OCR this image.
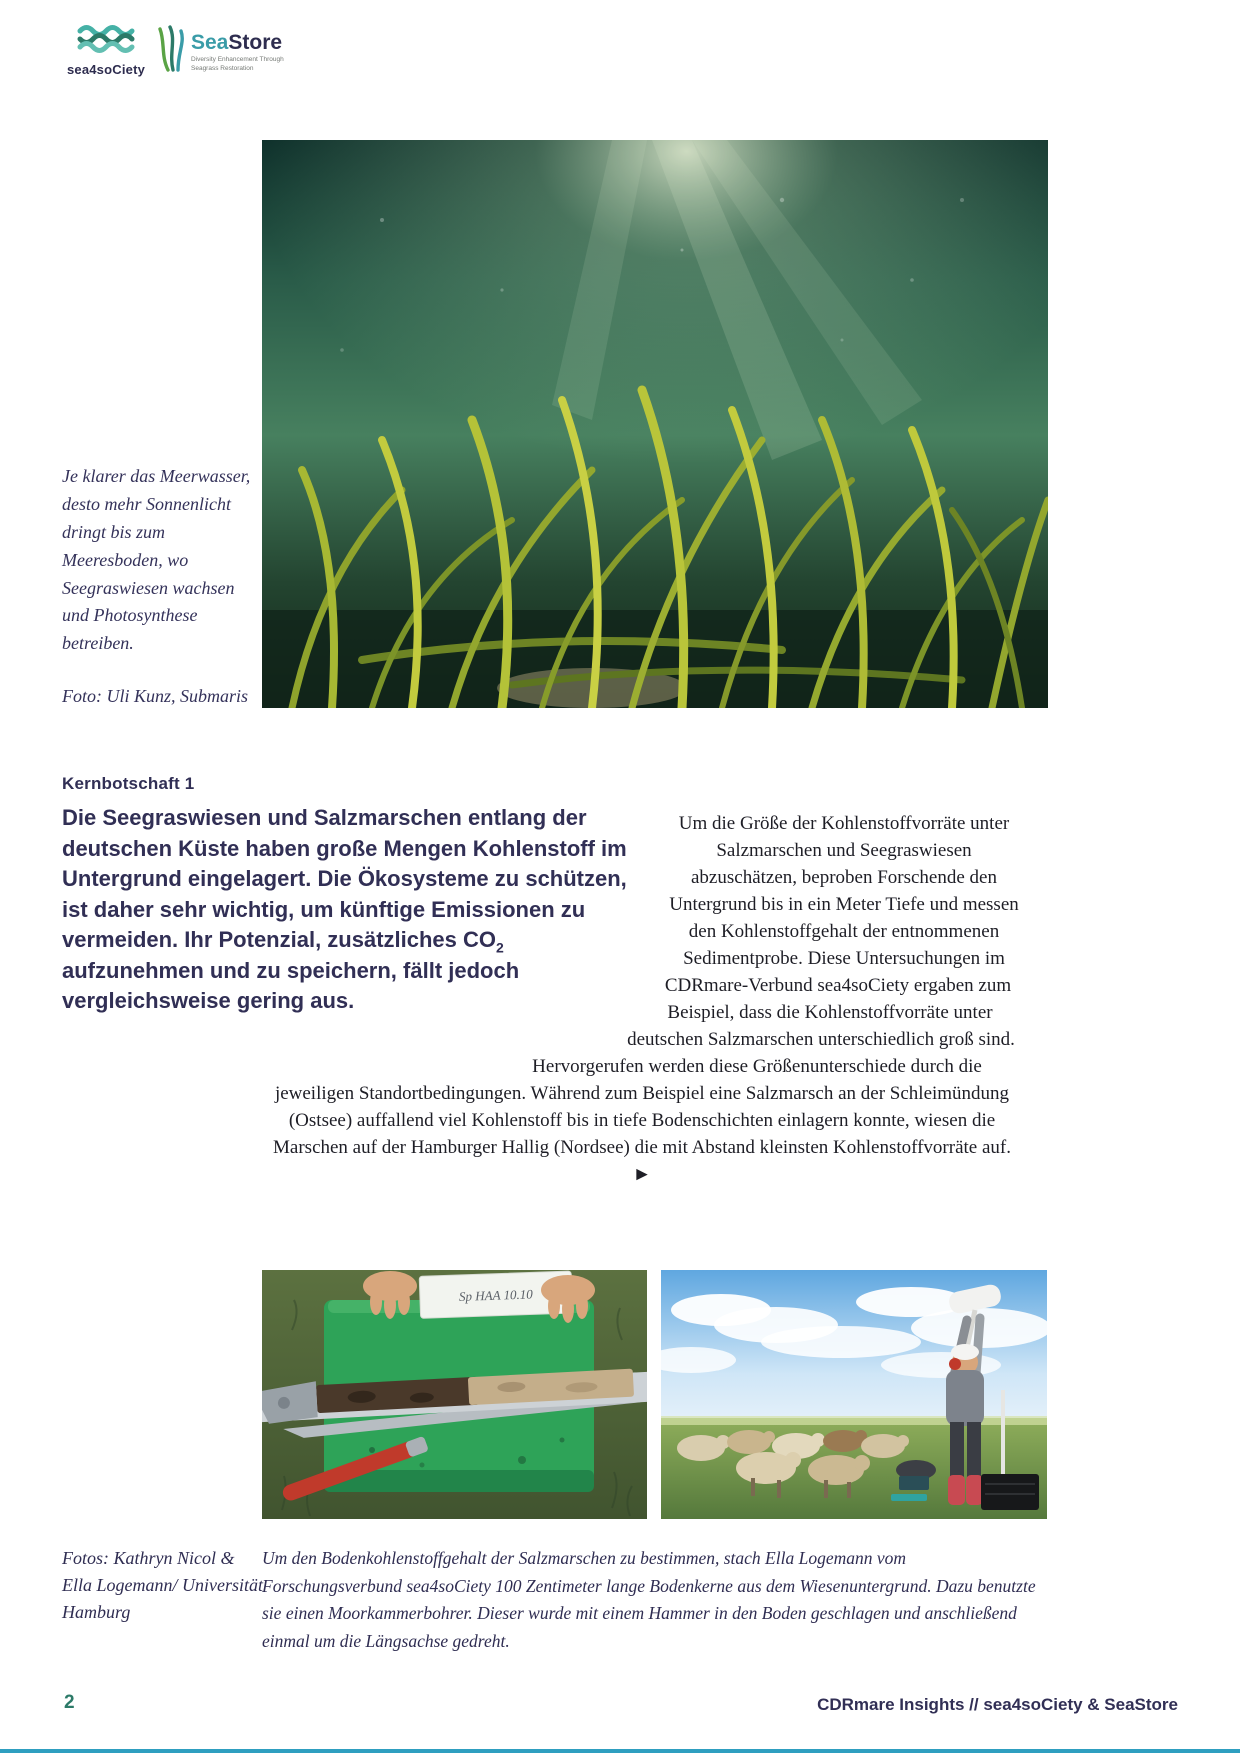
sea4soCiety
SeaStore
Diversity Enhancement Through Seagrass Restoration
Je klarer das Meerwasser, desto mehr Sonnenlicht dringt bis zum Meeresboden, wo Seegraswiesen wachsen und Photosynthese betreiben.
Foto: Uli Kunz, Submaris
Kernbotschaft 1
Die Seegraswiesen und Salzmarschen entlang der deutschen Küste haben große Mengen Kohlenstoff im Untergrund eingelagert. Die Ökosysteme zu schützen, ist daher sehr wichtig, um künftige Emissionen zu vermeiden. Ihr Potenzial, zusätzliches $CO_2$ aufzunehmen und zu speichern, fällt jedoch vergleichsweise gering aus.
Um die Größe der Kohlenstoffvorräte unter Salzmarschen und Seegraswiesen abzuschätzen, beproben Forschende den Untergrund bis in ein Meter Tiefe und messen den Kohlenstoffgehalt der entnommenen Sedimentprobe. Diese Untersuchungen im CDRmare-Verbund sea4soCiety ergaben zum Beispiel, dass die Kohlenstoffvorräte unter deutschen Salzmarschen unterschiedlich groß sind. Hervorgerufen werden diese Größenunterschiede durch die jeweiligen Standortbedingungen. Während zum Beispiel eine Salzmarsch an der Schleimündung (Ostsee) auffallend viel Kohlenstoff bis in tiefe Bodenschichten einlagern konnte, wiesen die Marschen auf der Hamburger Hallig (Nordsee) die mit Abstand kleinsten Kohlenstoffvorräte auf. ►
Sp HAA 10.10
Fotos: Kathryn Nicol & Ella Logemann/ Universität Hamburg
Um den Bodenkohlenstoffgehalt der Salzmarschen zu bestimmen, stach Ella Logemann vom Forschungsverbund sea4soCiety 100 Zentimeter lange Bodenkerne aus dem Wiesenuntergrund. Dazu benutzte sie einen Moorkammerbohrer. Dieser wurde mit einem Hammer in den Boden geschlagen und anschließend einmal um die Längsachse gedreht.
2	CDRmare Insights // sea4soCiety & SeaStore
